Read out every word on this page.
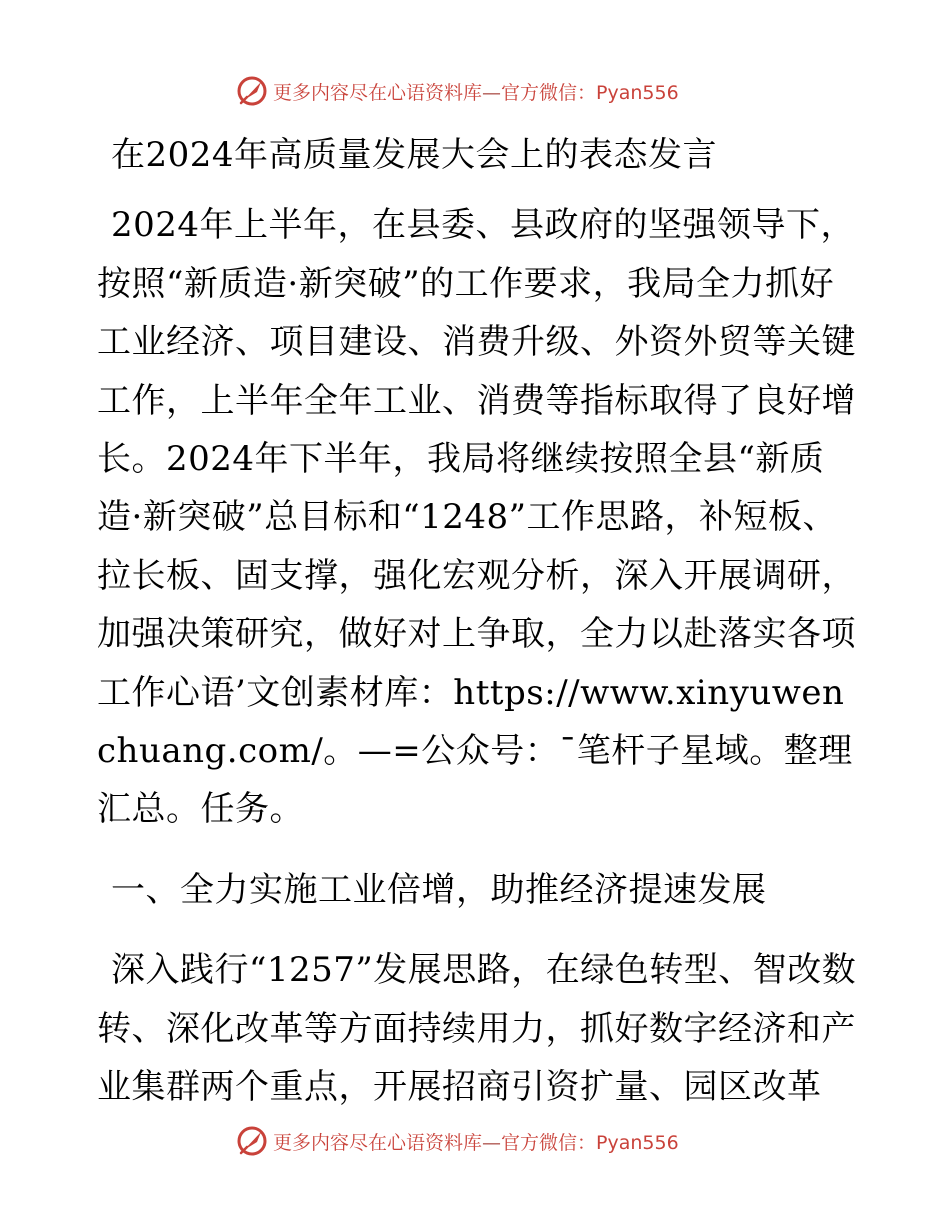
更多内容尽在心语资料库—官方微信：Pyan556

在2024年高质量发展大会上的表态发言

2024年上半年，在县委、县政府的坚强领导下，按照“新质造·新突破”的工作要求，我局全力抓好工业经济、项目建设、消费升级、外资外贸等关键工作，上半年全年工业、消费等指标取得了良好增长。2024年下半年，我局将继续按照全县“新质造·新突破”总目标和“1248”工作思路，补短板、拉长板、固支撑，强化宏观分析，深入开展调研，加强决策研究，做好对上争取，全力以赴落实各项工作心语’文创素材库：https://www.xinyuwenchuang.com/。—=公众号：¯笔杆子星域。整理汇总。任务。

一、全力实施工业倍增，助推经济提速发展

深入践行“1257”发展思路，在绿色转型、智改数转、深化改革等方面持续用力，抓好数字经济和产业集群两个重点，开展招商引资扩量、园区改革

更多内容尽在心语资料库—官方微信：Pyan556
